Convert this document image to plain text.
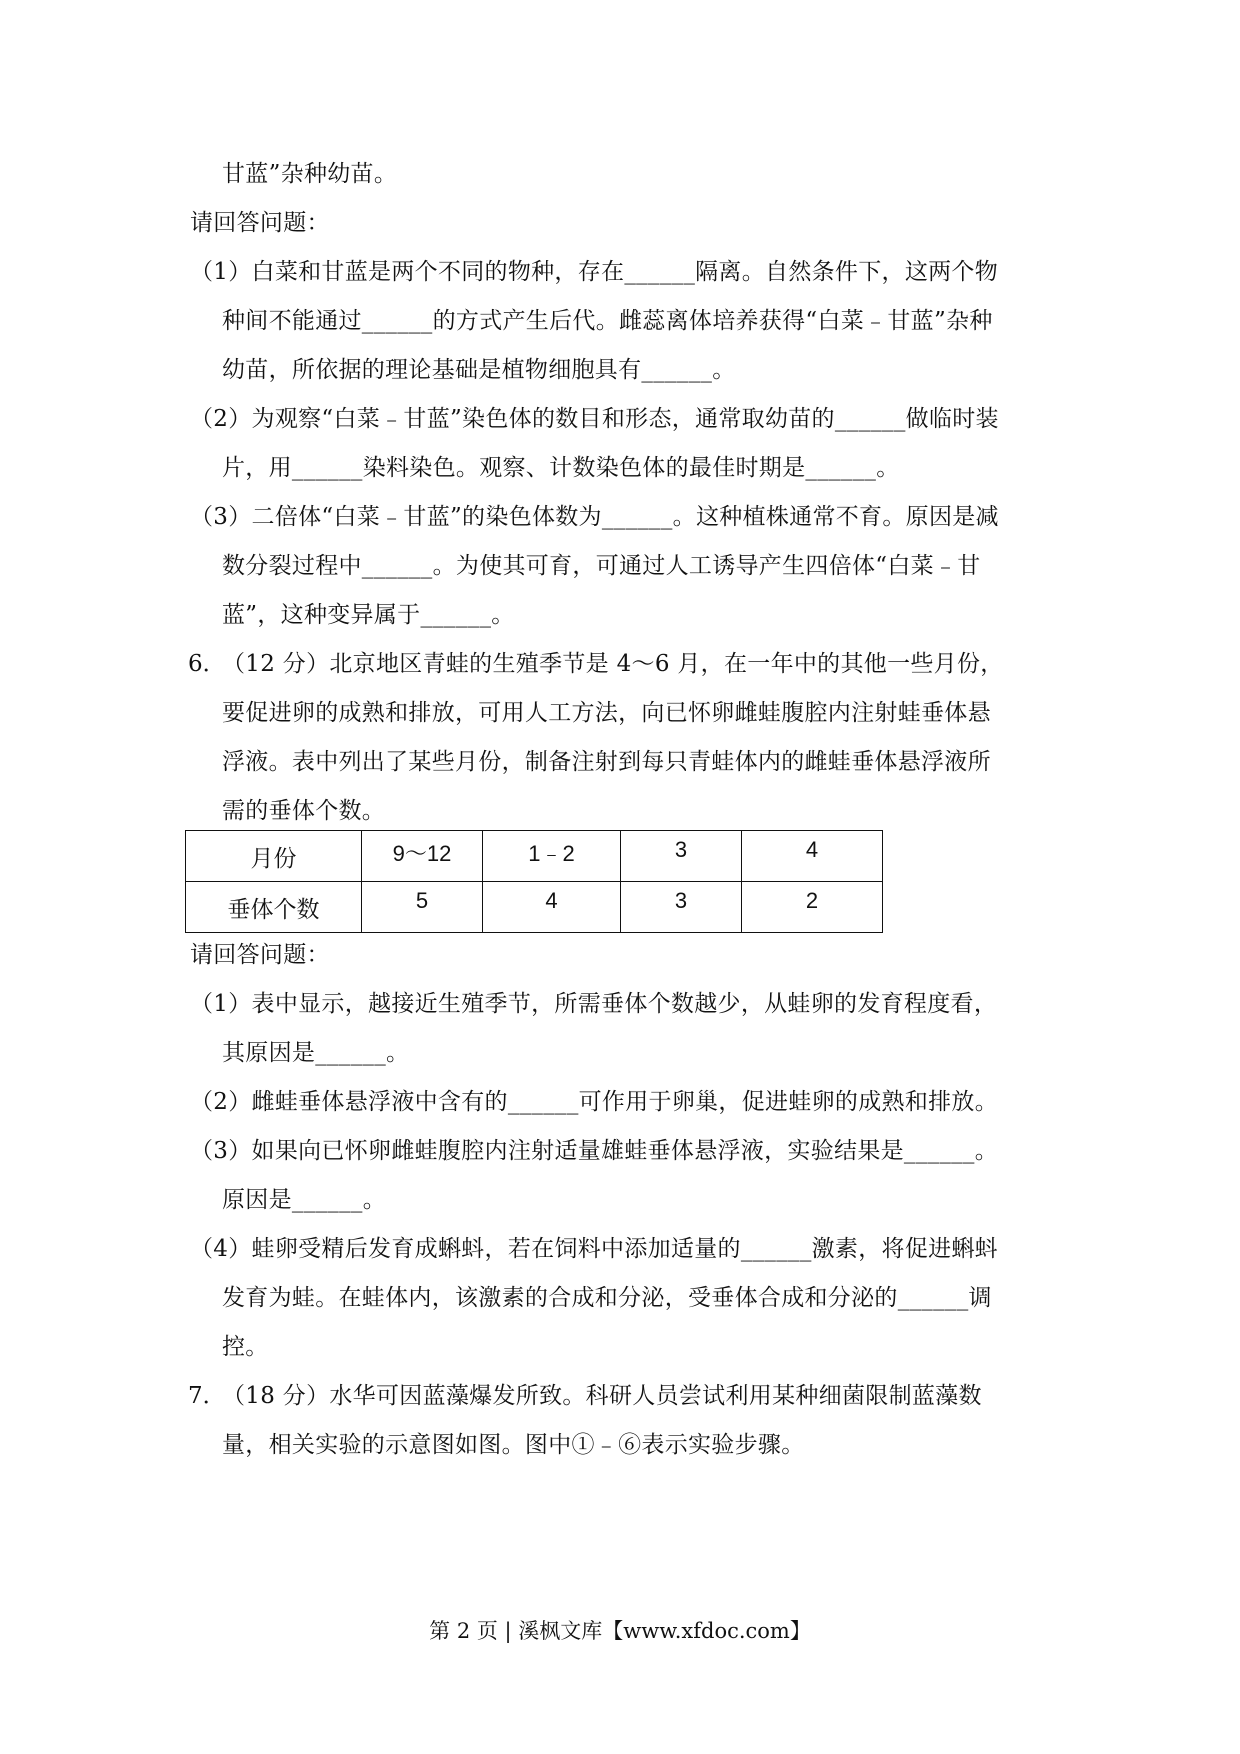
甘蓝”杂种幼苗。
请回答问题：
（1）白菜和甘蓝是两个不同的物种，存在______隔离。自然条件下，这两个物
种间不能通过______的方式产生后代。雌蕊离体培养获得“白菜﹣甘蓝”杂种
幼苗，所依据的理论基础是植物细胞具有______。
（2）为观察“白菜﹣甘蓝”染色体的数目和形态，通常取幼苗的______做临时装
片，用______染料染色。观察、计数染色体的最佳时期是______。
（3）二倍体“白菜﹣甘蓝”的染色体数为______。这种植株通常不育。原因是减
数分裂过程中______。为使其可育，可通过人工诱导产生四倍体“白菜﹣甘
蓝”，这种变异属于______。
6．
（12 分）北京地区青蛙的生殖季节是 4～6 月，在一年中的其他一些月份，
要促进卵的成熟和排放，可用人工方法，向已怀卵雌蛙腹腔内注射蛙垂体悬
浮液。表中列出了某些月份，制备注射到每只青蛙体内的雌蛙垂体悬浮液所
需的垂体个数。
月份	9～12	1﹣2	3	4
垂体个数	5	4	3	2
请回答问题：
（1）表中显示，越接近生殖季节，所需垂体个数越少，从蛙卵的发育程度看，
其原因是______。
（2）雌蛙垂体悬浮液中含有的______可作用于卵巢，促进蛙卵的成熟和排放。
（3）如果向已怀卵雌蛙腹腔内注射适量雄蛙垂体悬浮液，实验结果是______。
原因是______。
（4）蛙卵受精后发育成蝌蚪，若在饲料中添加适量的______激素，将促进蝌蚪
发育为蛙。在蛙体内，该激素的合成和分泌，受垂体合成和分泌的______调
控。
7．
（18 分）水华可因蓝藻爆发所致。科研人员尝试利用某种细菌限制蓝藻数
量，相关实验的示意图如图。图中①﹣⑥表示实验步骤。
第 2 页 | 溪枫文库【www.xfdoc.com】
